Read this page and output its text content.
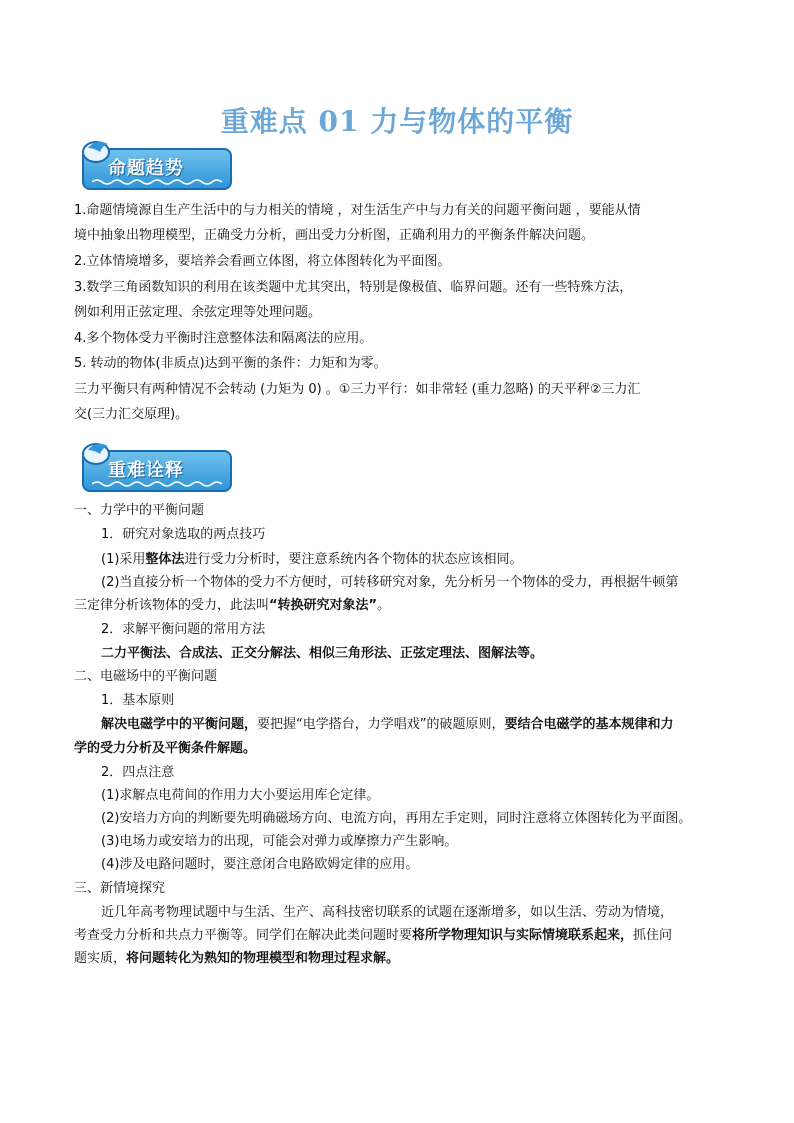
重难点 01 力与物体的平衡
命题趋势
1.命题情境源自生产生活中的与力相关的情境 ，对生活生产中与力有关的问题平衡问题 ，要能从情
境中抽象出物理模型，正确受力分析，画出受力分析图，正确利用力的平衡条件解决问题。
2.立体情境增多，要培养会看画立体图，将立体图转化为平面图。
3.数学三角函数知识的利用在该类题中尤其突出，特别是像极值、临界问题。还有一些特殊方法，
例如利用正弦定理、余弦定理等处理问题。
4.多个物体受力平衡时注意整体法和隔离法的应用。
5. 转动的物体(非质点)达到平衡的条件：力矩和为零。
三力平衡只有两种情况不会转动 (力矩为 0) 。①三力平行：如非常轻 (重力忽略) 的天平秤②三力汇
交(三力汇交原理)。
重难诠释
一、力学中的平衡问题
1．研究对象选取的两点技巧
(1)采用整体法进行受力分析时，要注意系统内各个物体的状态应该相同。
(2)当直接分析一个物体的受力不方便时，可转移研究对象，先分析另一个物体的受力，再根据牛顿第
三定律分析该物体的受力，此法叫“转换研究对象法”。
2．求解平衡问题的常用方法
二力平衡法、合成法、正交分解法、相似三角形法、正弦定理法、图解法等。
二、电磁场中的平衡问题
1．基本原则
解决电磁学中的平衡问题，要把握“电学搭台，力学唱戏”的破题原则，要结合电磁学的基本规律和力
学的受力分析及平衡条件解题。
2．四点注意
(1)求解点电荷间的作用力大小要运用库仑定律。
(2)安培力方向的判断要先明确磁场方向、电流方向，再用左手定则，同时注意将立体图转化为平面图。
(3)电场力或安培力的出现，可能会对弹力或摩擦力产生影响。
(4)涉及电路问题时，要注意闭合电路欧姆定律的应用。
三、新情境探究
近几年高考物理试题中与生活、生产、高科技密切联系的试题在逐渐增多，如以生活、劳动为情境，
考查受力分析和共点力平衡等。同学们在解决此类问题时要将所学物理知识与实际情境联系起来，抓住问
题实质，将问题转化为熟知的物理模型和物理过程求解。
